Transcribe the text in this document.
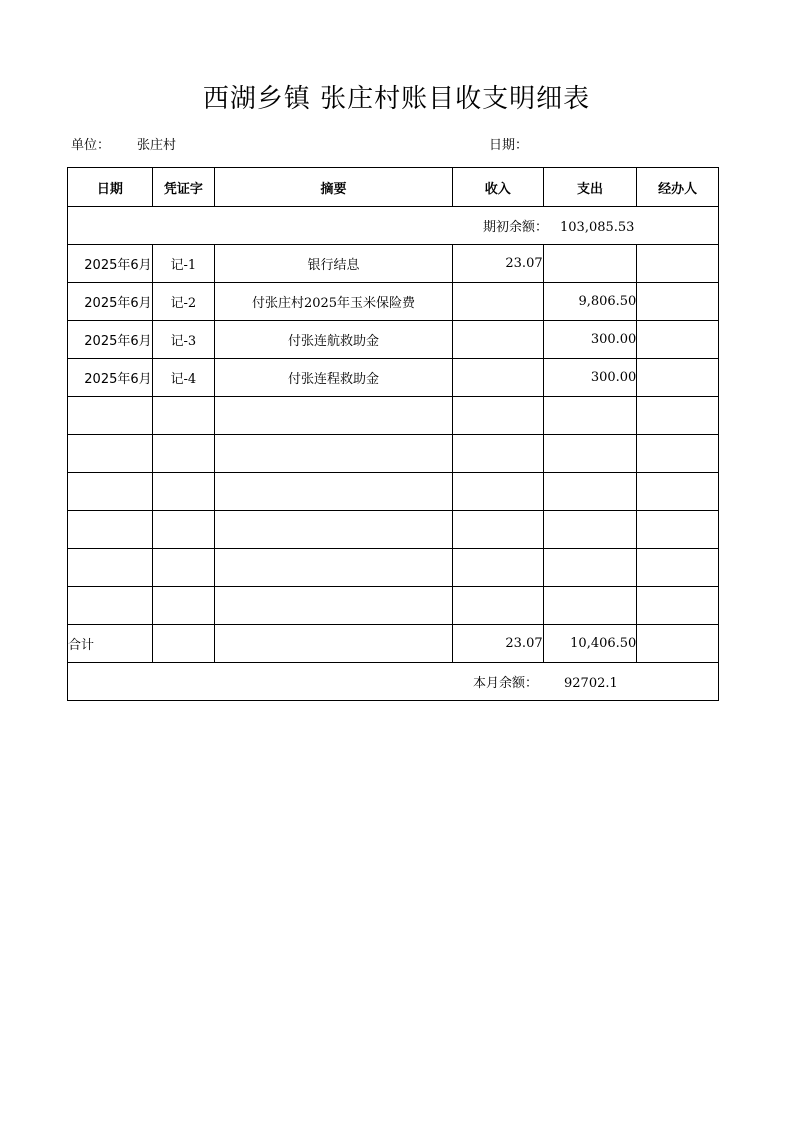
西湖乡镇 张庄村账目收支明细表
单位： 张庄村	日期：
日期	凭证字	摘要	收入	支出	经办人
期初余额： 103,085.53					
2025年6月	记-1	银行结息	23.07		
2025年6月	记-2	付张庄村2025年玉米保险费		9,806.50	
2025年6月	记-3	付张连航救助金		300.00	
2025年6月	记-4	付张连程救助金		300.00	

合计			23.07	10,406.50	
本月余额： 92702.1					
